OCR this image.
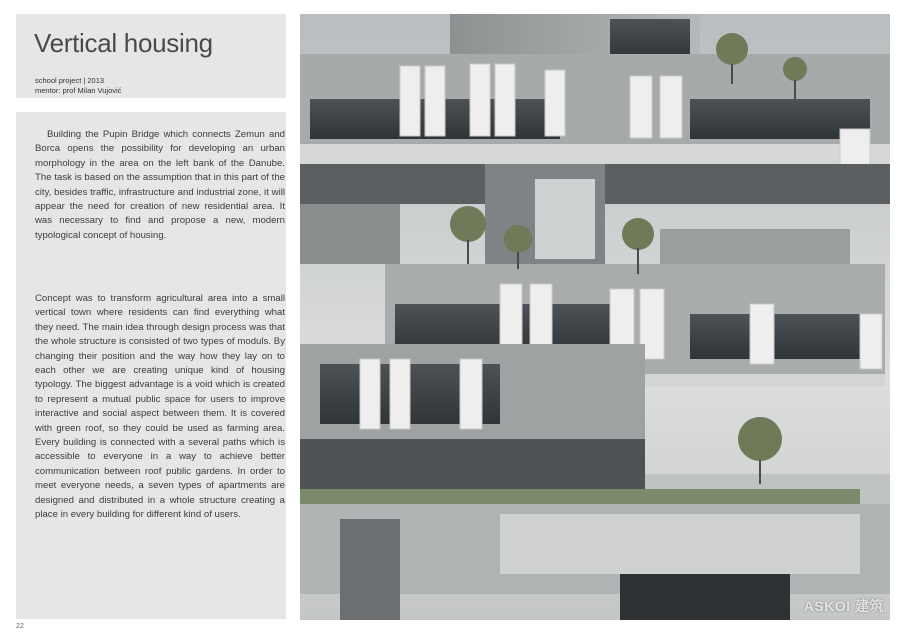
Vertical housing
school project | 2013
mentor: prof Milan Vujović

Building the Pupin Bridge which connects Zemun and Borca opens the possibility for developing an urban morphology in the area on the left bank of the Danube. The task is based on the assumption that in this part of the city, besides traffic, infrastructure and industrial zone, it will appear the need for creation of new residential area. It was necessary to find and propose a new, modern typological concept of housing.

Concept was to transform agricultural area into a small vertical town where residents can find everything what they need. The main idea through design process was that the whole structure is consisted of two types of moduls. By changing their position and the way how they lay on to each other we are creating unique kind of housing typology. The biggest advantage is a void which is created to represent a mutual public space for users to improve interactive and social aspect between them. It is covered with green roof, so they could be used as farming area. Every building is connected with a several paths which is accessible to everyone in a way to achieve better communication between roof public gardens. In order to meet everyone needs, a seven types of apartments are designed and distributed in a whole structure creating a place in every building for different kind of users.

22
ASKOI 建筑
